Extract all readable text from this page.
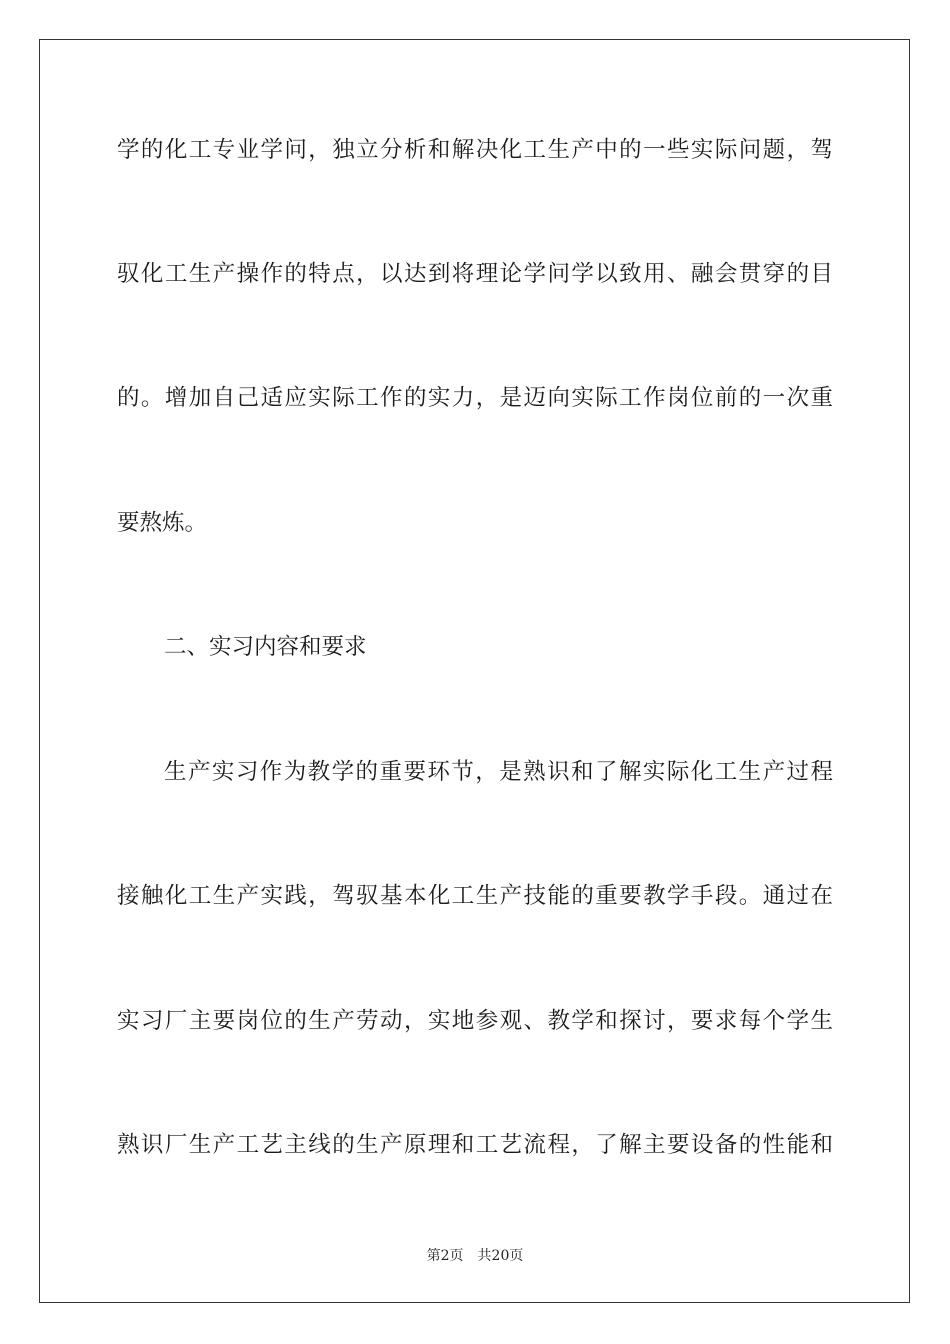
学的化工专业学问，独立分析和解决化工生产中的一些实际问题，驾
驭化工生产操作的特点，以达到将理论学问学以致用、融会贯穿的目
的。增加自己适应实际工作的实力，是迈向实际工作岗位前的一次重
要熬炼。
二、实习内容和要求
生产实习作为教学的重要环节，是熟识和了解实际化工生产过程
接触化工生产实践，驾驭基本化工生产技能的重要教学手段。通过在
实习厂主要岗位的生产劳动，实地参观、教学和探讨，要求每个学生
熟识厂生产工艺主线的生产原理和工艺流程，了解主要设备的性能和
第2页 共20页
